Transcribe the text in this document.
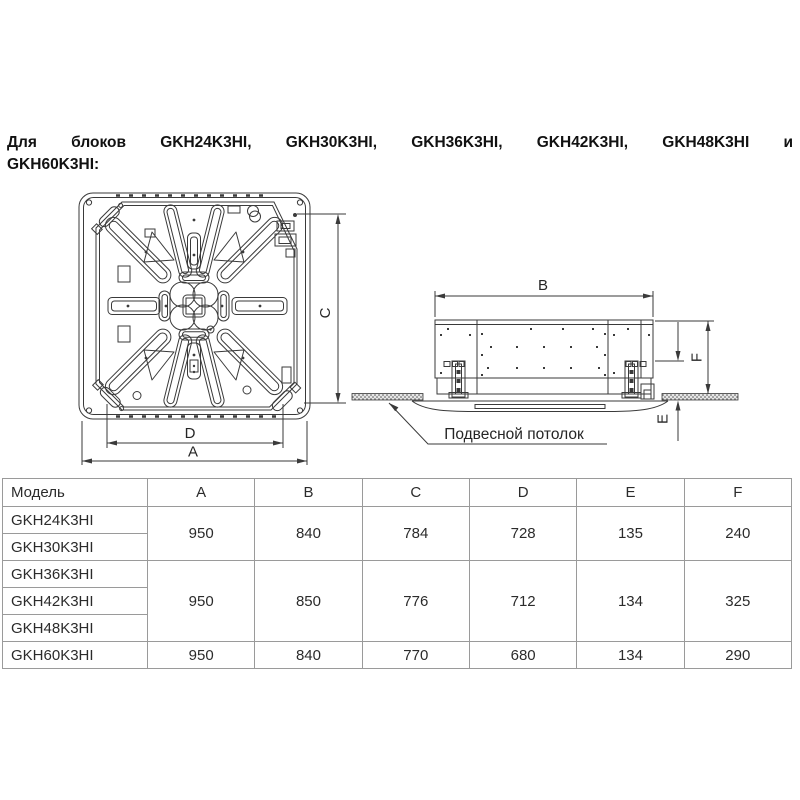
Для блоков GKH24K3HI, GKH30K3HI, GKH36K3HI, GKH42K3HI, GKH48K3HI и
GKH60K3HI:
C
D
A
B
F
E
Подвесной потолок
Модель	A	B	C	D	E	F
GKH24K3HI	950	840	784	728	135	240
GKH30K3HI						
GKH36K3HI	950	850	776	712	134	325
GKH42K3HI						
GKH48K3HI						
GKH60K3HI	950	840	770	680	134	290
